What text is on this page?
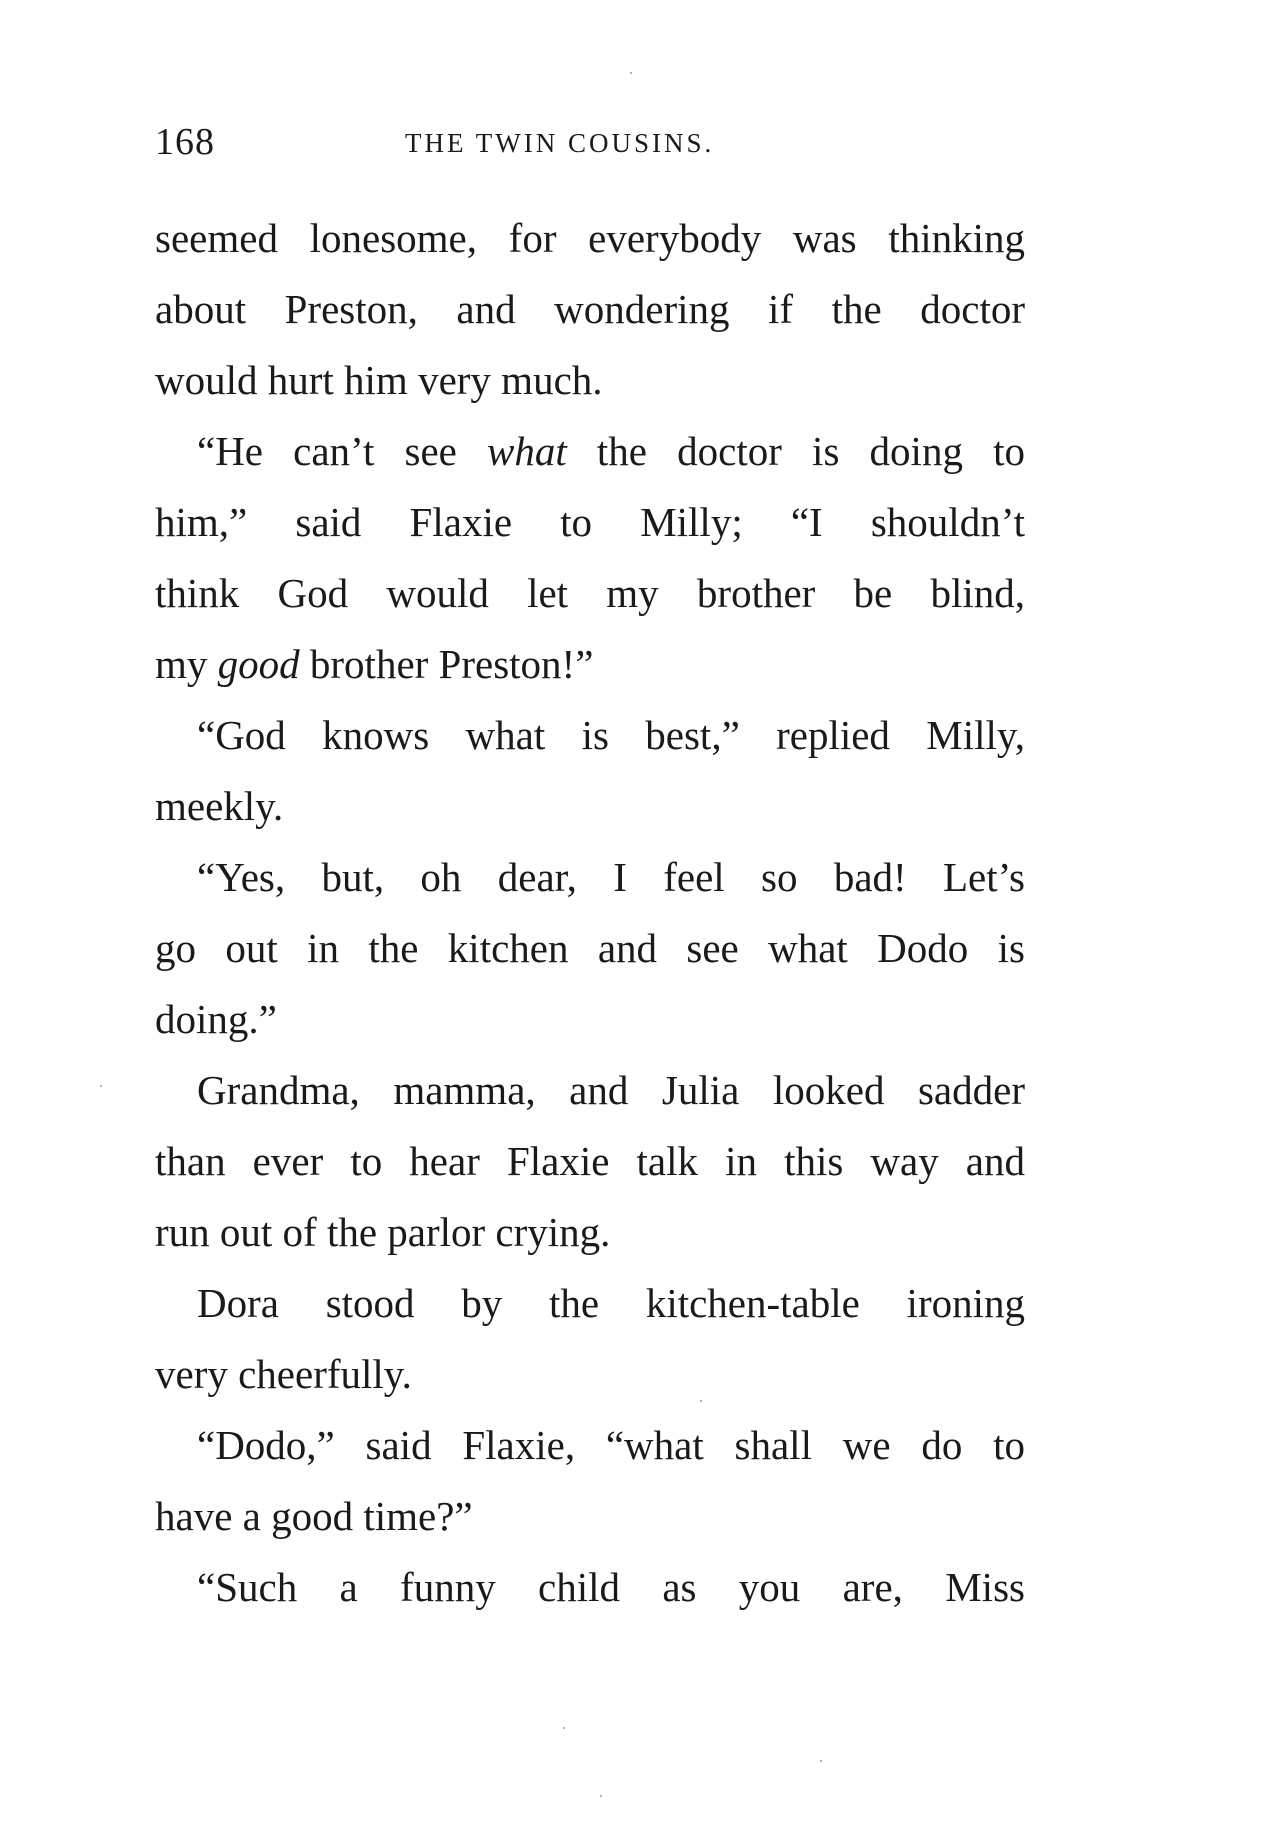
168	THE TWIN COUSINS.
seemed lonesome, for everybody was thinking
about Preston, and wondering if the doctor
would hurt him very much.
“He can’t see what the doctor is doing to
him,” said Flaxie to Milly; “I shouldn’t
think God would let my brother be blind,
my good brother Preston!”
“God knows what is best,” replied Milly,
meekly.
“Yes, but, oh dear, I feel so bad! Let’s
go out in the kitchen and see what Dodo is
doing.”
Grandma, mamma, and Julia looked sadder
than ever to hear Flaxie talk in this way and
run out of the parlor crying.
Dora stood by the kitchen-table ironing
very cheerfully.
“Dodo,” said Flaxie, “what shall we do to
have a good time?”
“Such a funny child as you are, Miss
